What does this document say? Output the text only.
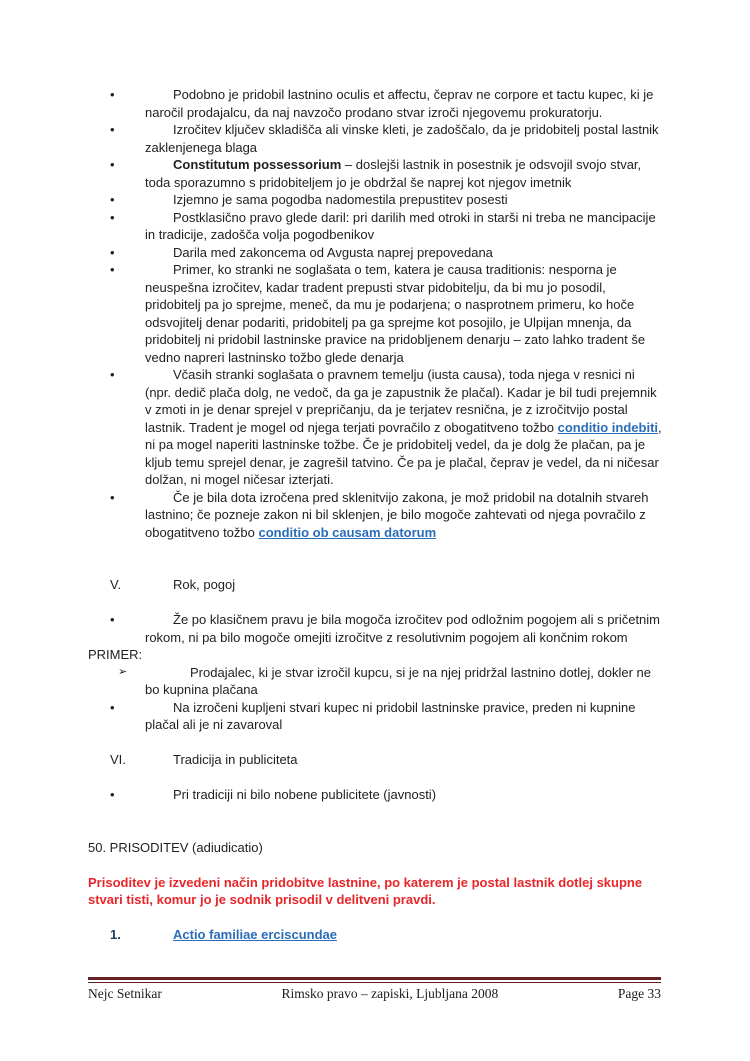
•	Podobno je pridobil lastnino oculis et affectu, čeprav ne corpore et tactu kupec, ki je naročil prodajalcu, da naj navzočo prodano stvar izroči njegovemu prokuratorju.
•	Izročitev ključev skladišča ali vinske kleti, je zadoščalo, da je pridobitelj postal lastnik zaklenjenega blaga
•	Constitutum possessorium – doslejši lastnik in posestnik je odsvojil svojo stvar, toda sporazumno s pridobiteljem jo je obdržal še naprej kot njegov imetnik
•	Izjemno je sama pogodba nadomestila prepustitev posesti
•	Postklasično pravo glede daril: pri darilih med otroki in starši ni treba ne mancipacije in tradicije, zadošča volja pogodbenikov
•	Darila med zakoncema od Avgusta naprej prepovedana
•	Primer, ko stranki ne soglašata o tem, katera je causa traditionis: nesporna je neuspešna izročitev, kadar tradent prepusti stvar pidobitelju, da bi mu jo posodil, pridobitelj pa jo sprejme, meneč, da mu je podarjena; o nasprotnem primeru, ko hoče odsvojitelj denar podariti, pridobitelj pa ga sprejme kot posojilo, je Ulpijan mnenja, da pridobitelj ni pridobil lastninske pravice na pridobljenem denarju – zato lahko tradent še vedno napreri lastninsko tožbo glede denarja
•	Včasih stranki soglašata o pravnem temelju (iusta causa), toda njega v resnici ni (npr. dedič plača dolg, ne vedoč, da ga je zapustnik že plačal). Kadar je bil tudi prejemnik v zmoti in je denar sprejel v prepričanju, da je terjatev resnična, je z izročitvijo postal lastnik. Tradent je mogel od njega terjati povračilo z obogatitveno tožbo conditio indebiti, ni pa mogel naperiti lastninske tožbe. Če je pridobitelj vedel, da je dolg že plačan, pa je kljub temu sprejel denar, je zagrešil tatvino. Če pa je plačal, čeprav je vedel, da ni ničesar dolžan, ni mogel ničesar izterjati.
•	Če je bila dota izročena pred sklenitvijo zakona, je mož pridobil na dotalnih stvareh lastnino; če pozneje zakon ni bil sklenjen, je bilo mogoče zahtevati od njega povračilo z obogatitveno tožbo conditio ob causam datorum
V.	Rok, pogoj
•	Že po klasičnem pravu je bila mogoča izročitev pod odložnim pogojem ali s pričetnim rokom, ni pa bilo mogoče omejiti izročitve z resolutivnim pogojem ali končnim rokom
PRIMER:
➢	Prodajalec, ki je stvar izročil kupcu, si je na njej pridržal lastnino dotlej, dokler ne bo kupnina plačana
•	Na izročeni kupljeni stvari kupec ni pridobil lastninske pravice, preden ni kupnine plačal ali je ni zavaroval
VI.	Tradicija in publiciteta
•	Pri tradiciji ni bilo nobene publicitete (javnosti)
50. PRISODITEV (adiudicatio)
Prisoditev je izvedeni način pridobitve lastnine, po katerem je postal lastnik dotlej skupne stvari tisti, komur jo je sodnik prisodil v delitveni pravdi.
1.	Actio familiae erciscundae
Nejc Setnikar	Rimsko pravo – zapiski, Ljubljana 2008	Page 33
